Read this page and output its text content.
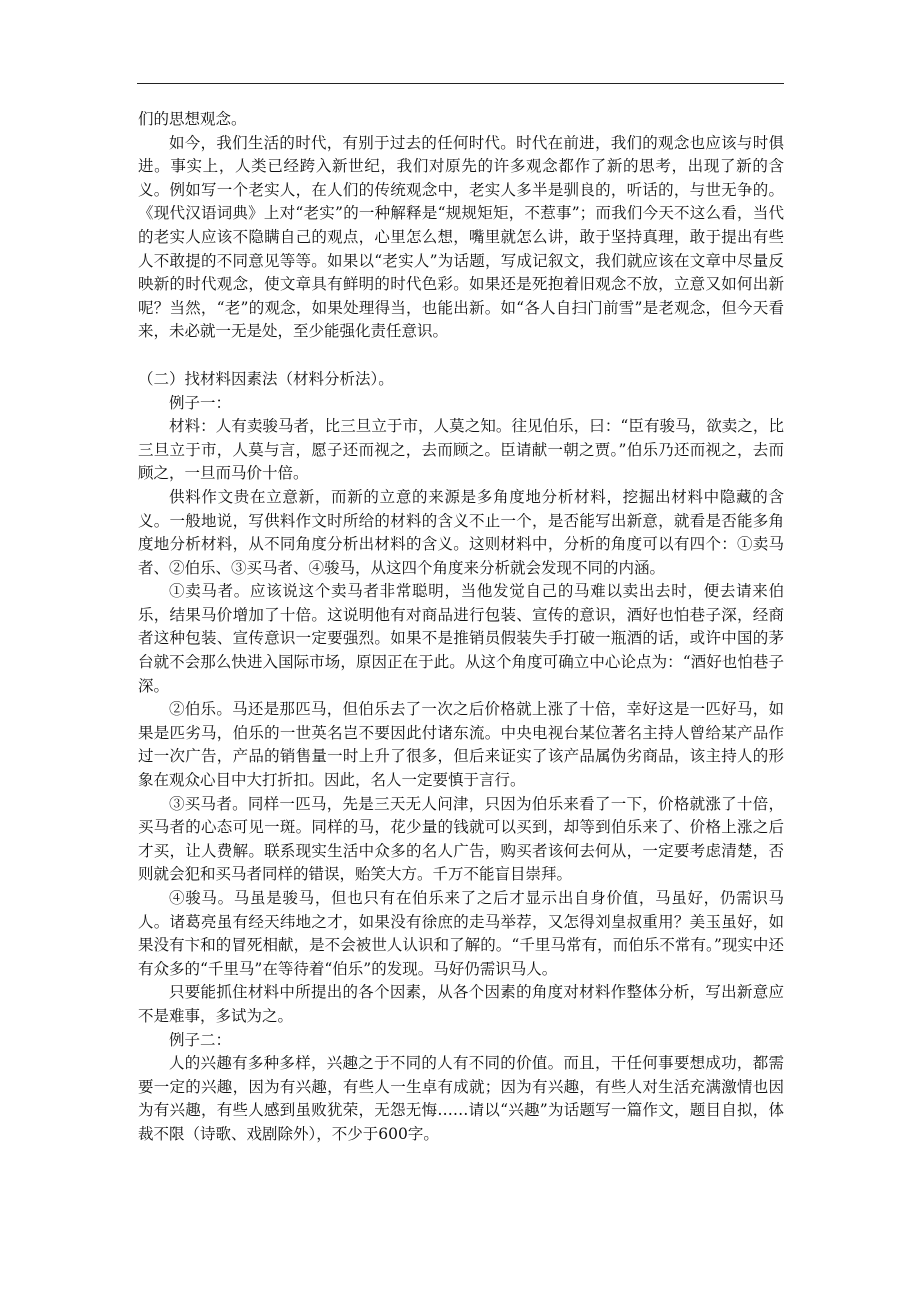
们的思想观念。

如今，我们生活的时代，有别于过去的任何时代。时代在前进，我们的观念也应该与时俱进。事实上，人类已经跨入新世纪，我们对原先的许多观念都作了新的思考，出现了新的含义。例如写一个老实人，在人们的传统观念中，老实人多半是驯良的，听话的，与世无争的。《现代汉语词典》上对“老实”的一种解释是“规规矩矩，不惹事”；而我们今天不这么看，当代的老实人应该不隐瞒自己的观点，心里怎么想，嘴里就怎么讲，敢于坚持真理，敢于提出有些人不敢提的不同意见等等。如果以“老实人”为话题，写成记叙文，我们就应该在文章中尽量反映新的时代观念，使文章具有鲜明的时代色彩。如果还是死抱着旧观念不放，立意又如何出新呢？当然，“老”的观念，如果处理得当，也能出新。如“各人自扫门前雪”是老观念，但今天看来，未必就一无是处，至少能强化责任意识。

（二）找材料因素法（材料分析法）。

例子一：

材料：人有卖骏马者，比三旦立于市，人莫之知。往见伯乐，曰：“臣有骏马，欲卖之，比三旦立于市，人莫与言，愿子还而视之，去而顾之。臣请献一朝之贾。”伯乐乃还而视之，去而顾之，一旦而马价十倍。

供料作文贵在立意新，而新的立意的来源是多角度地分析材料，挖掘出材料中隐藏的含义。一般地说，写供料作文时所给的材料的含义不止一个，是否能写出新意，就看是否能多角度地分析材料，从不同角度分析出材料的含义。这则材料中，分析的角度可以有四个：①卖马者、②伯乐、③买马者、④骏马，从这四个角度来分析就会发现不同的内涵。

①卖马者。应该说这个卖马者非常聪明，当他发觉自己的马难以卖出去时，便去请来伯乐，结果马价增加了十倍。这说明他有对商品进行包装、宣传的意识，酒好也怕巷子深，经商者这种包装、宣传意识一定要强烈。如果不是推销员假装失手打破一瓶酒的话，或许中国的茅台就不会那么快进入国际市场，原因正在于此。从这个角度可确立中心论点为：“酒好也怕巷子深。

②伯乐。马还是那匹马，但伯乐去了一次之后价格就上涨了十倍，幸好这是一匹好马，如果是匹劣马，伯乐的一世英名岂不要因此付诸东流。中央电视台某位著名主持人曾给某产品作过一次广告，产品的销售量一时上升了很多，但后来证实了该产品属伪劣商品，该主持人的形象在观众心目中大打折扣。因此，名人一定要慎于言行。

③买马者。同样一匹马，先是三天无人问津，只因为伯乐来看了一下，价格就涨了十倍，买马者的心态可见一斑。同样的马，花少量的钱就可以买到，却等到伯乐来了、价格上涨之后才买，让人费解。联系现实生活中众多的名人广告，购买者该何去何从，一定要考虑清楚，否则就会犯和买马者同样的错误，贻笑大方。千万不能盲目崇拜。

④骏马。马虽是骏马，但也只有在伯乐来了之后才显示出自身价值，马虽好，仍需识马人。诸葛亮虽有经天纬地之才，如果没有徐庶的走马举荐，又怎得刘皇叔重用？美玉虽好，如果没有卞和的冒死相献，是不会被世人认识和了解的。“千里马常有，而伯乐不常有。”现实中还有众多的“千里马”在等待着“伯乐”的发现。马好仍需识马人。

只要能抓住材料中所提出的各个因素，从各个因素的角度对材料作整体分析，写出新意应不是难事，多试为之。

例子二：

人的兴趣有多种多样，兴趣之于不同的人有不同的价值。而且，干任何事要想成功，都需要一定的兴趣，因为有兴趣，有些人一生卓有成就；因为有兴趣，有些人对生活充满激情也因为有兴趣，有些人感到虽败犹荣，无怨无悔……请以“兴趣”为话题写一篇作文，题目自拟，体裁不限（诗歌、戏剧除外），不少于600字。
